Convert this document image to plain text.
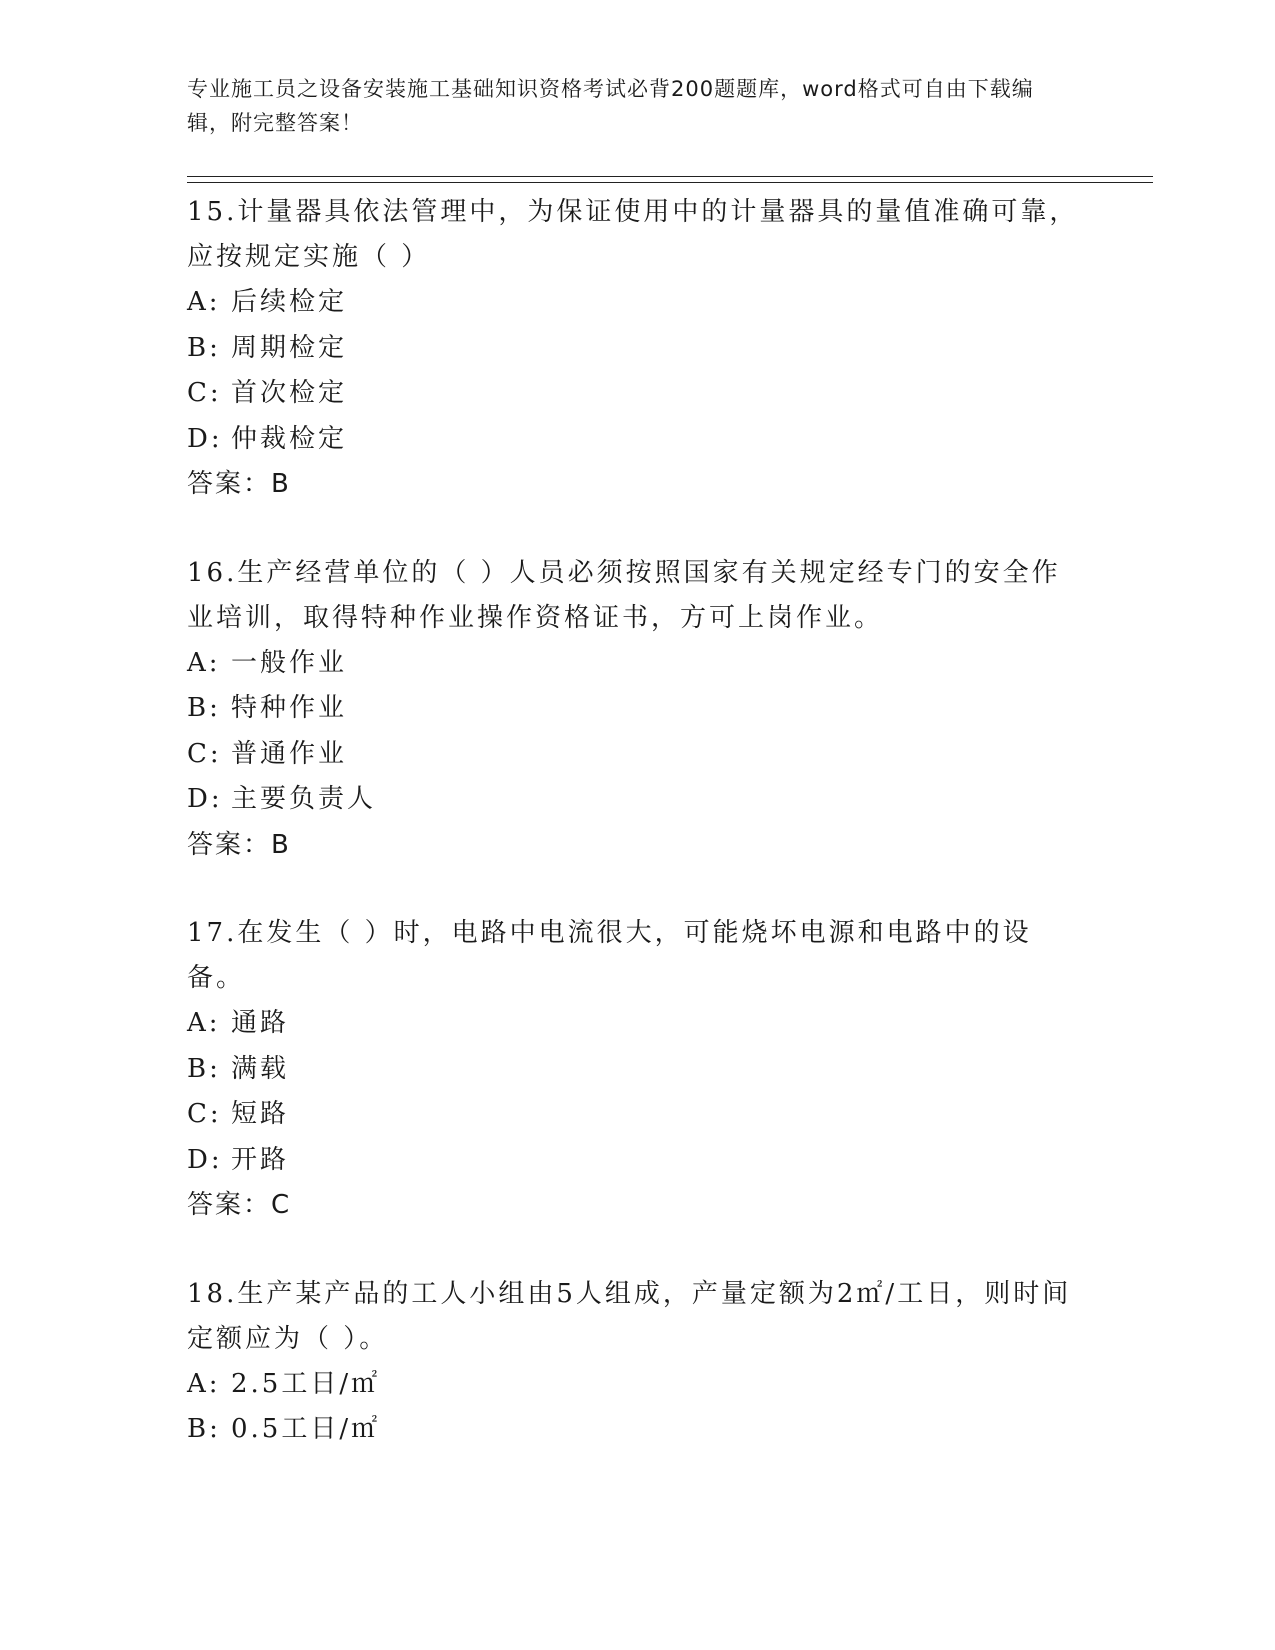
专业施工员之设备安装施工基础知识资格考试必背200题题库，word格式可自由下载编辑，附完整答案！

15.计量器具依法管理中，为保证使用中的计量器具的量值准确可靠，应按规定实施（ ）

A: 后续检定

B: 周期检定

C: 首次检定

D: 仲裁检定

答案：B

16.生产经营单位的（ ）人员必须按照国家有关规定经专门的安全作业培训，取得特种作业操作资格证书，方可上岗作业。

A: 一般作业

B: 特种作业

C: 普通作业

D: 主要负责人

答案：B

17.在发生（ ）时，电路中电流很大，可能烧坏电源和电路中的设备。

A: 通路

B: 满载

C: 短路

D: 开路

答案：C

18.生产某产品的工人小组由5人组成，产量定额为2㎡/工日，则时间定额应为（ ）。

A: 2.5工日/㎡

B: 0.5工日/㎡
